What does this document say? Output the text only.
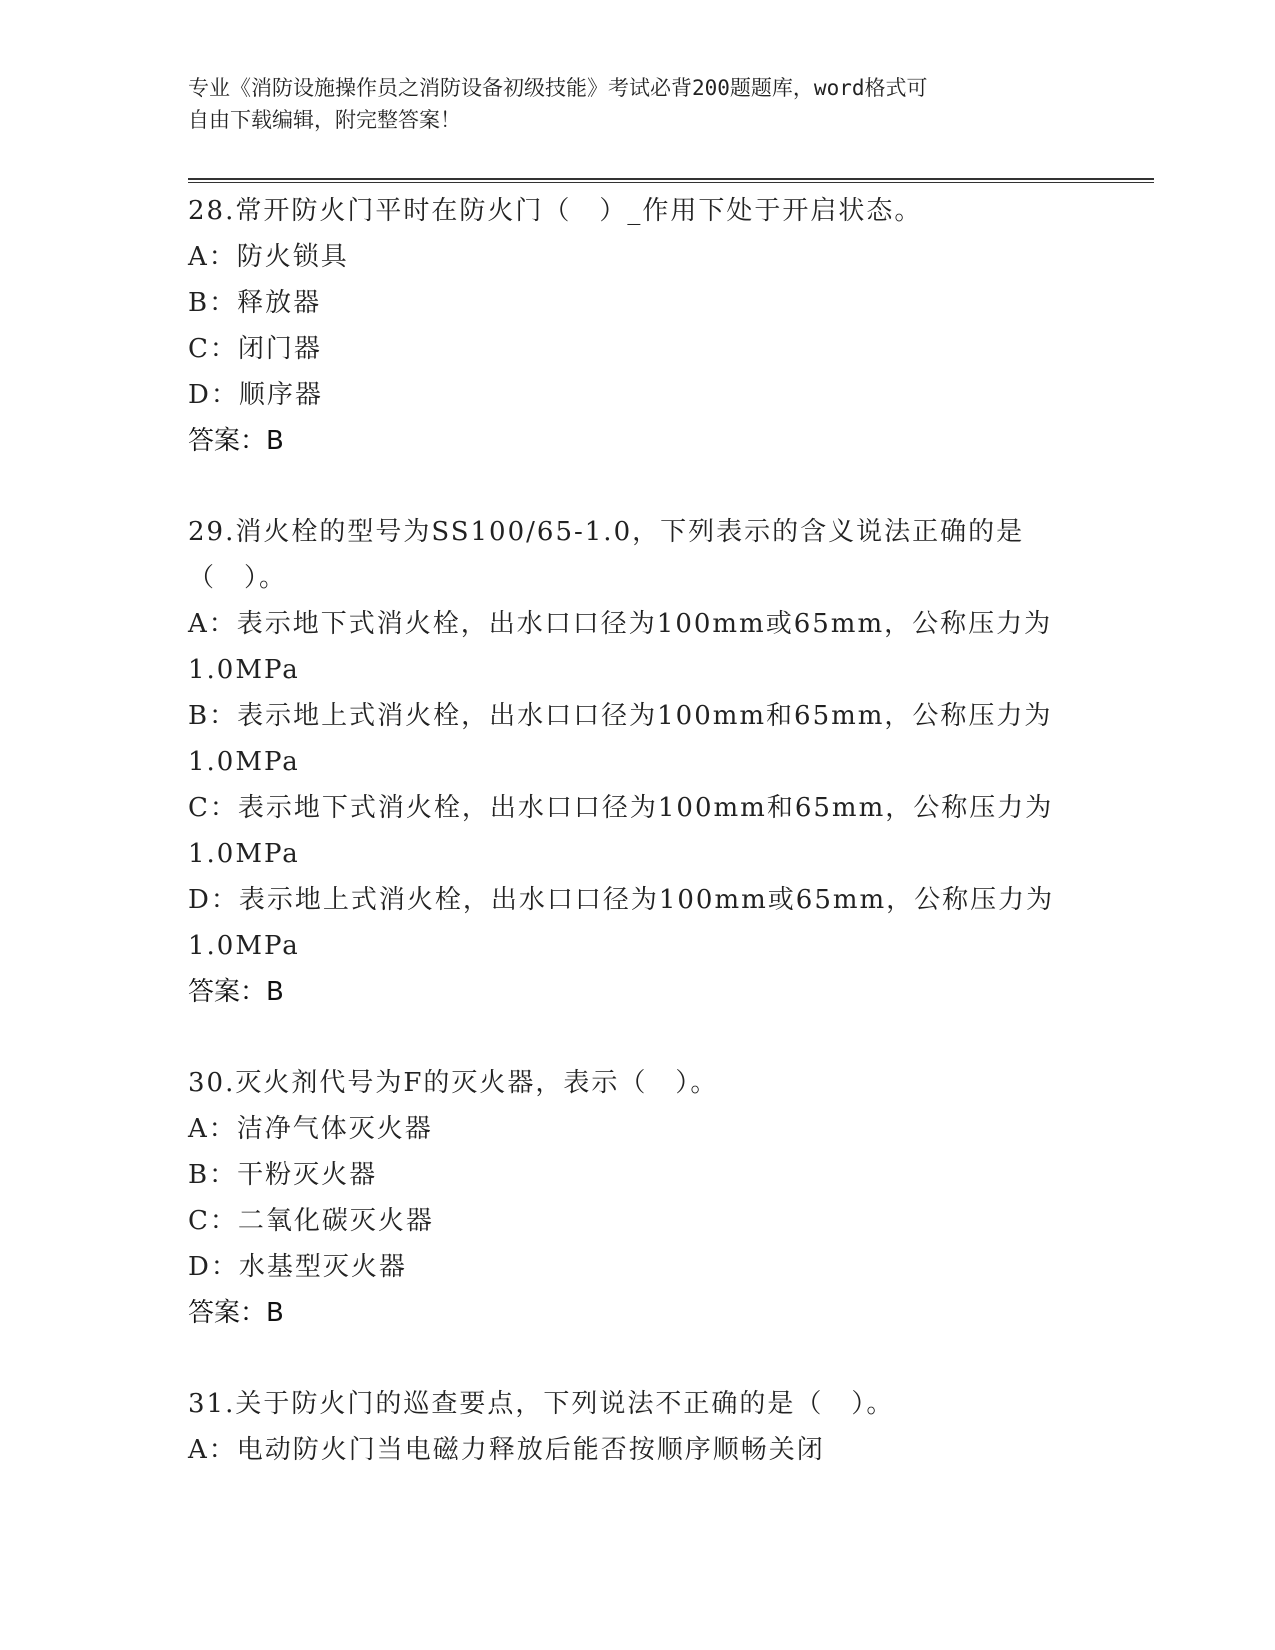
专业《消防设施操作员之消防设备初级技能》考试必背200题题库，word格式可
自由下载编辑，附完整答案！
28.常开防火门平时在防火门（　）_作用下处于开启状态。
A：防火锁具
B：释放器
C：闭门器
D：顺序器
答案：B
29.消火栓的型号为SS100/65-1.0，下列表示的含义说法正确的是（　）。
A：表示地下式消火栓，出水口口径为100mm或65mm，公称压力为1.0MPa
B：表示地上式消火栓，出水口口径为100mm和65mm，公称压力为1.0MPa
C：表示地下式消火栓，出水口口径为100mm和65mm，公称压力为1.0MPa
D：表示地上式消火栓，出水口口径为100mm或65mm，公称压力为1.0MPa
答案：B
30.灭火剂代号为F的灭火器，表示（　）。
A：洁净气体灭火器
B：干粉灭火器
C：二氧化碳灭火器
D：水基型灭火器
答案：B
31.关于防火门的巡查要点，下列说法不正确的是（　）。
A：电动防火门当电磁力释放后能否按顺序顺畅关闭
